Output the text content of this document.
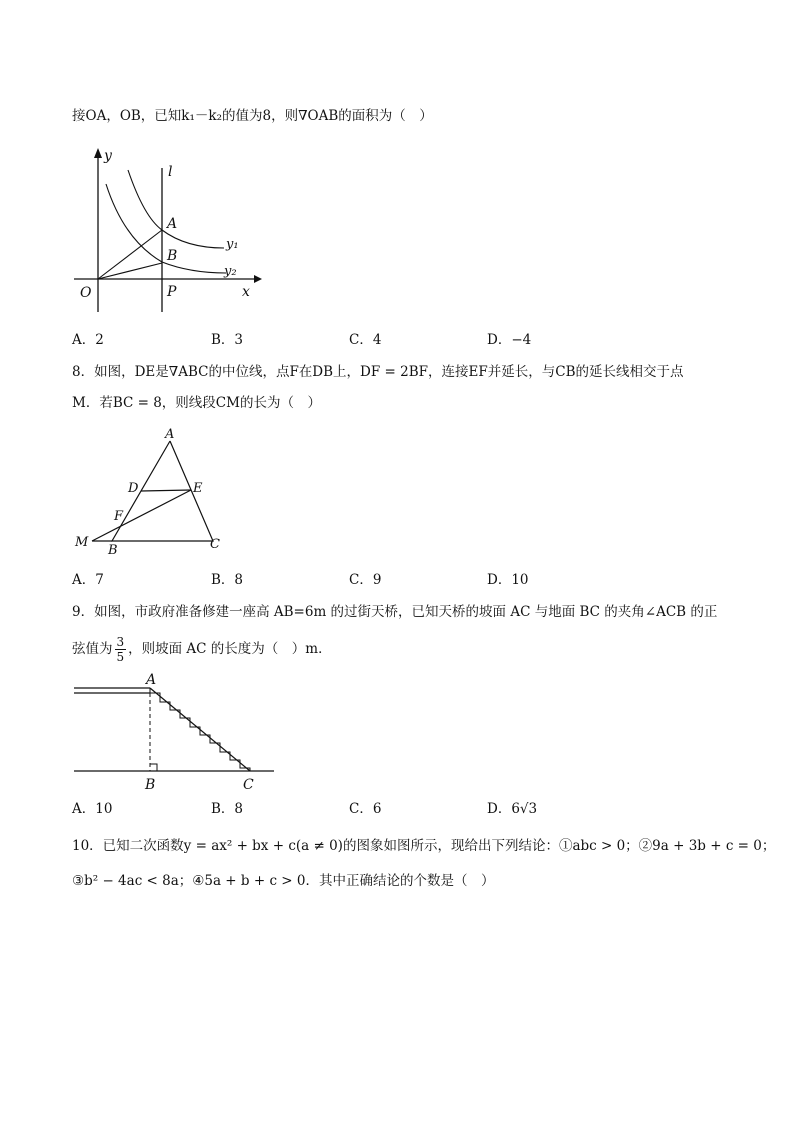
接OA，OB，已知k₁－k₂的值为8，则∇OAB的面积为（　）
y
l
A
B
y₁
y₂
O	P	x
A．2	B．3	C．4	D．−4
8．如图，DE是∇ABC的中位线，点F在DB上，DF = 2BF，连接EF并延长，与CB的延长线相交于点
M．若BC = 8，则线段CM的长为（　）
A
D	E
F
M
B	C
A．7	B．8	C．9	D．10
9．如图，市政府准备修建一座高 AB=6m 的过街天桥，已知天桥的坡面 AC 与地面 BC 的夹角∠ACB 的正
弦值为 $\frac{3}{5}$ ，则坡面 AC 的长度为（　）m．
A
B	C
A．10	B．8	C．6	D．6√3
10．已知二次函数y = ax² + bx + c(a ≠ 0)的图象如图所示，现给出下列结论：①abc > 0；②9a + 3b + c = 0；
③b² − 4ac < 8a；④5a + b + c > 0．其中正确结论的个数是（　）
